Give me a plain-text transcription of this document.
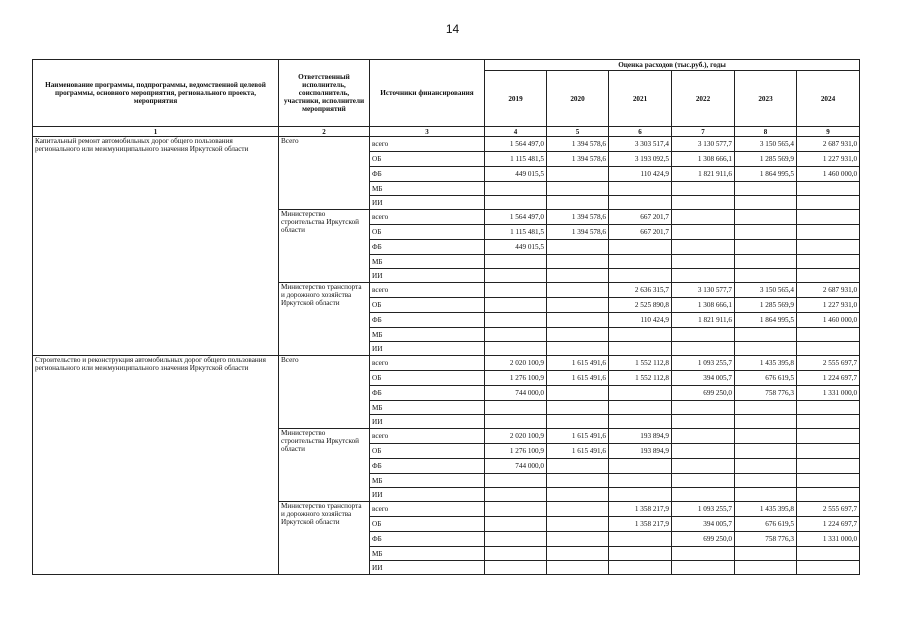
14
Наименование программы, подпрограммы, ведомственной целевой программы, основного мероприятия, регионального проекта, мероприятия	Ответственный исполнитель, соисполнитель, участники, исполнители мероприятий	Источники финансирования	Оценка расходов (тыс.руб.), годы					
			2019	2020	2021	2022	2023	2024
1	2	3	4	5	6	7	8	9
Капитальный ремонт автомобильных дорог общего пользования регионального или межмуниципального значения Иркутской области	Всего	всего	1 564 497,0	1 394 578,6	3 303 517,4	3 130 577,7	3 150 565,4	2 687 931,0
		ОБ	1 115 481,5	1 394 578,6	3 193 092,5	1 308 666,1	1 285 569,9	1 227 931,0
		ФБ	449 015,5		110 424,9	1 821 911,6	1 864 995,5	1 460 000,0
		МБ						
		ИИ						
	Министерство строительства Иркутской области	всего	1 564 497,0	1 394 578,6	667 201,7			
		ОБ	1 115 481,5	1 394 578,6	667 201,7			
		ФБ	449 015,5					
		МБ						
		ИИ						
	Министерство транспорта и дорожного хозяйства Иркутской области	всего			2 636 315,7	3 130 577,7	3 150 565,4	2 687 931,0
		ОБ			2 525 890,8	1 308 666,1	1 285 569,9	1 227 931,0
		ФБ			110 424,9	1 821 911,6	1 864 995,5	1 460 000,0
		МБ						
		ИИ						
Строительство и реконструкция автомобильных дорог общего пользования регионального или межмуниципального значения Иркутской области	Всего	всего	2 020 100,9	1 615 491,6	1 552 112,8	1 093 255,7	1 435 395,8	2 555 697,7
		ОБ	1 276 100,9	1 615 491,6	1 552 112,8	394 005,7	676 619,5	1 224 697,7
		ФБ	744 000,0			699 250,0	758 776,3	1 331 000,0
		МБ						
		ИИ						
	Министерство строительства Иркутской области	всего	2 020 100,9	1 615 491,6	193 894,9			
		ОБ	1 276 100,9	1 615 491,6	193 894,9			
		ФБ	744 000,0					
		МБ						
		ИИ						
	Министерство транспорта и дорожного хозяйства Иркутской области	всего			1 358 217,9	1 093 255,7	1 435 395,8	2 555 697,7
		ОБ			1 358 217,9	394 005,7	676 619,5	1 224 697,7
		ФБ				699 250,0	758 776,3	1 331 000,0
		МБ						
		ИИ						
